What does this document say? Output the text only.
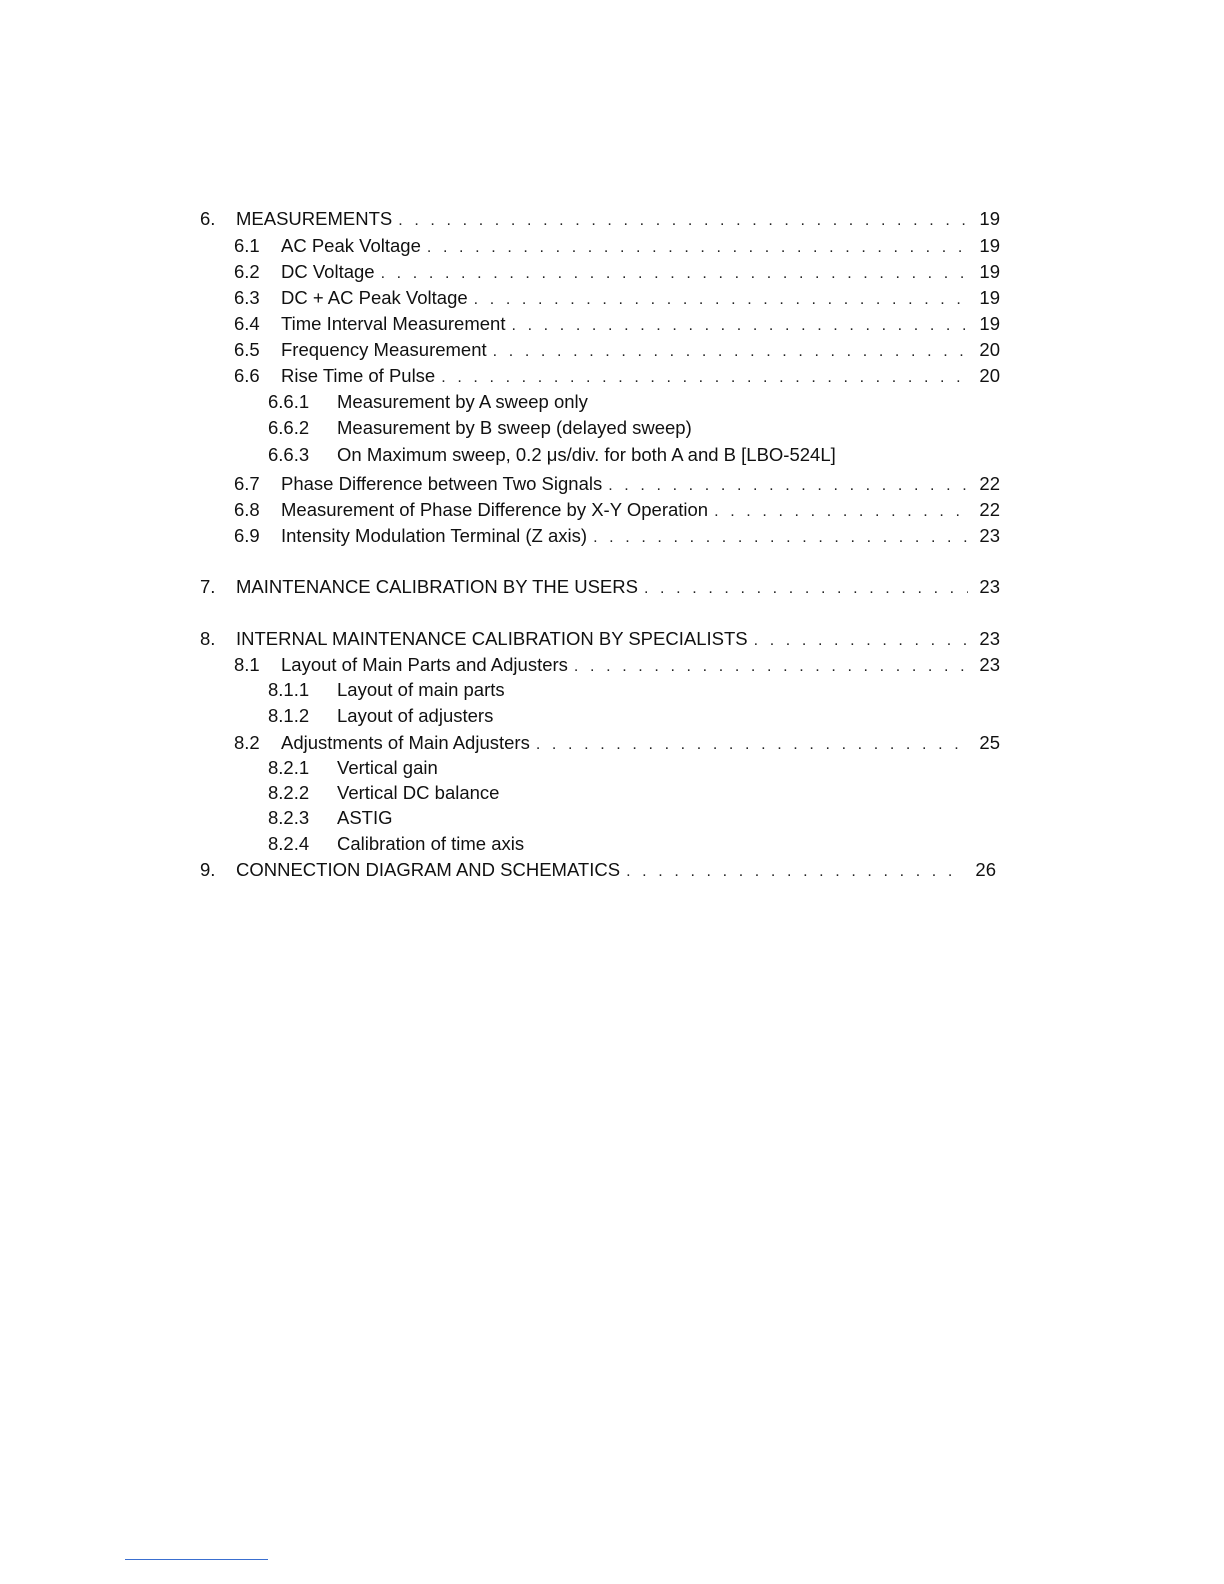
6.	MEASUREMENTS . . .	19
6.1	AC Peak Voltage . . .	19
6.2	DC Voltage . . .	19
6.3	DC + AC Peak Voltage . . .	19
6.4	Time Interval Measurement . . .	19
6.5	Frequency Measurement . . .	20
6.6	Rise Time of Pulse . . .	20
6.6.1	Measurement by A sweep only
6.6.2	Measurement by B sweep (delayed sweep)
6.6.3	On Maximum sweep, 0.2 μs/div. for both A and B [LBO-524L]
6.7	Phase Difference between Two Signals . . .	22
6.8	Measurement of Phase Difference by X-Y Operation . . .	22
6.9	Intensity Modulation Terminal (Z axis) . . .	23
7.	MAINTENANCE CALIBRATION BY THE USERS . . .	23
8.	INTERNAL MAINTENANCE CALIBRATION BY SPECIALISTS . . .	23
8.1	Layout of Main Parts and Adjusters . . .	23
8.1.1	Layout of main parts
8.1.2	Layout of adjusters
8.2	Adjustments of Main Adjusters . . .	25
8.2.1	Vertical gain
8.2.2	Vertical DC balance
8.2.3	ASTIG
8.2.4	Calibration of time axis
9.	CONNECTION DIAGRAM AND SCHEMATICS . . .	26
